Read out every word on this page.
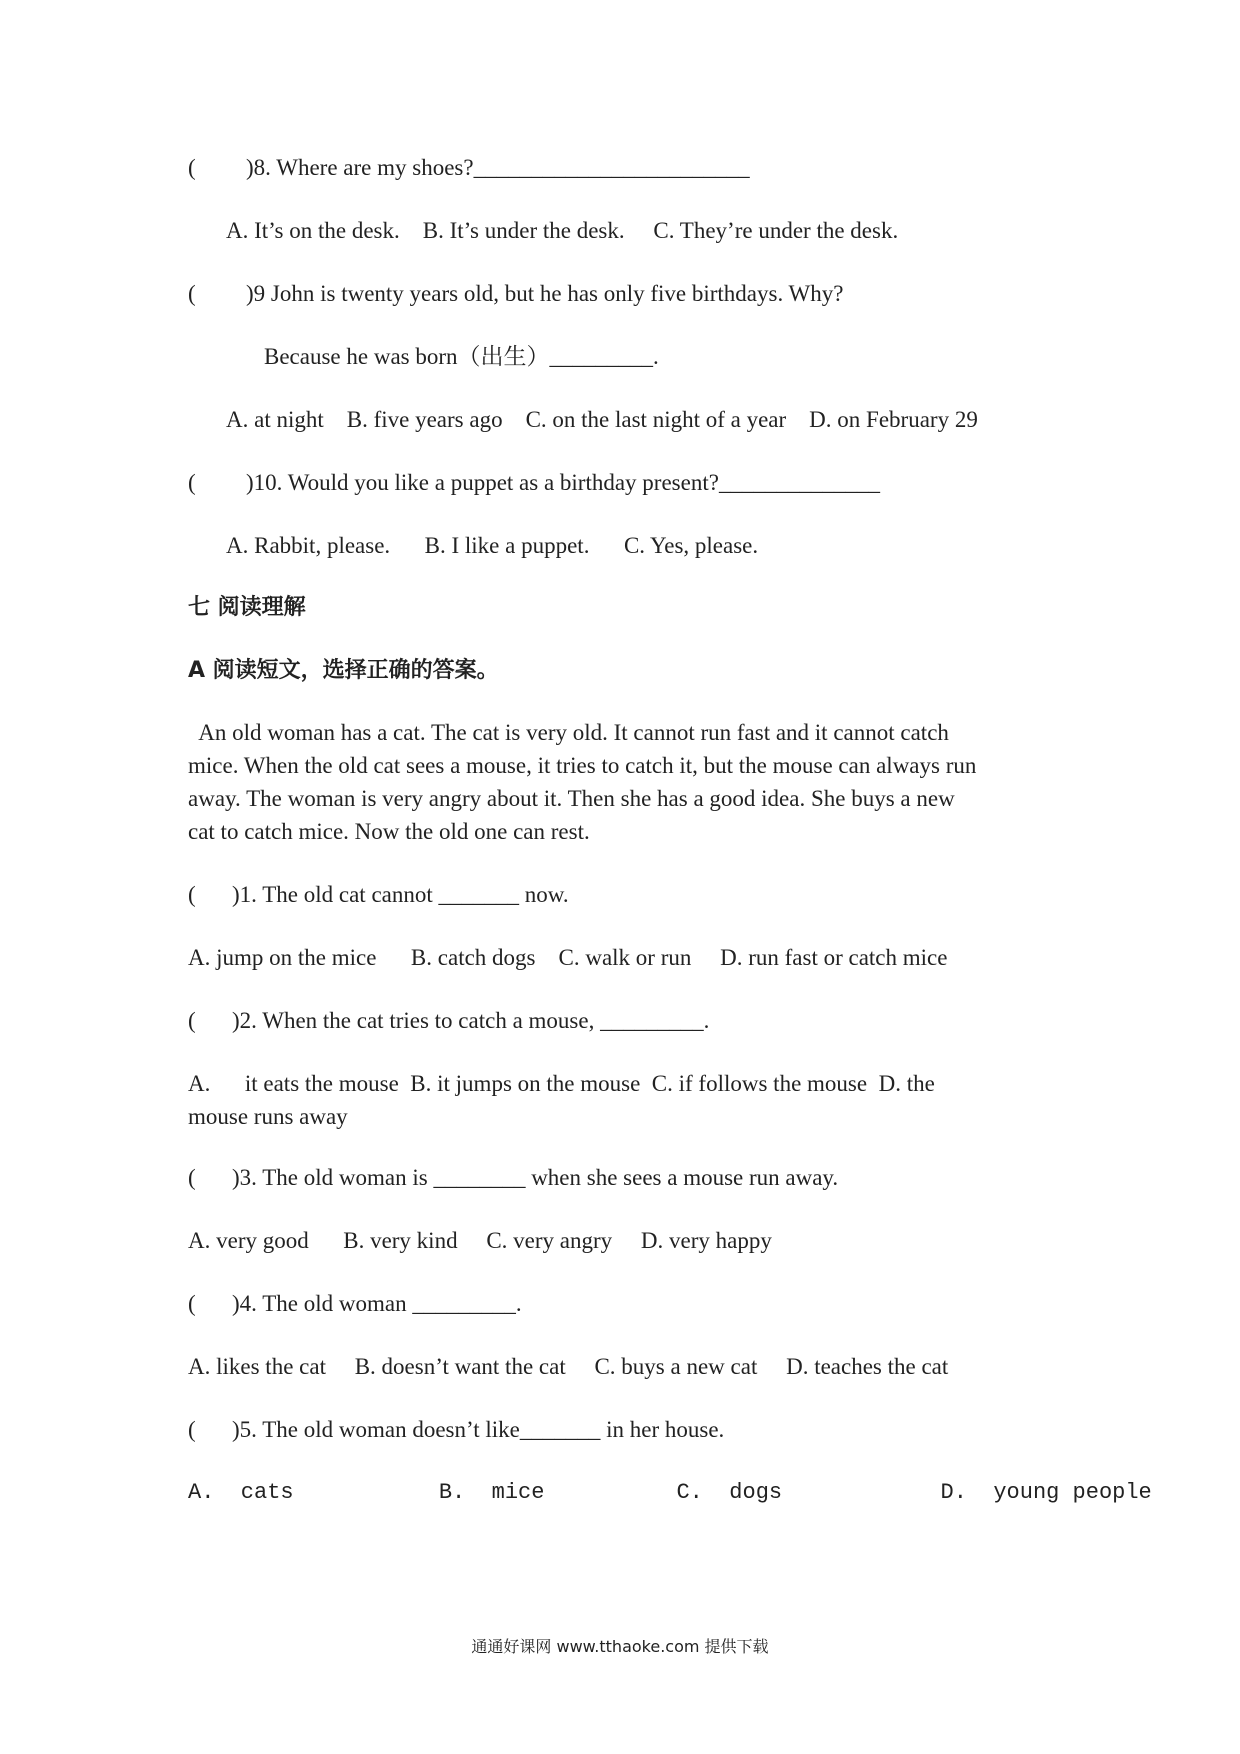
( )8. Where are my shoes?________________________
A. It’s on the desk.    B. It’s under the desk.     C. They’re under the desk.
( )9 John is twenty years old, but he has only five birthdays. Why?
Because he was born（出生）_________.
A. at night    B. five years ago    C. on the last night of a year    D. on February 29
( )10. Would you like a puppet as a birthday present?______________
A. Rabbit, please.      B. I like a puppet.      C. Yes, please.
七 阅读理解
A 阅读短文，选择正确的答案。
An old woman has a cat. The cat is very old. It cannot run fast and it cannot catch
mice. When the old cat sees a mouse, it tries to catch it, but the mouse can always run
away. The woman is very angry about it. Then she has a good idea. She buys a new
cat to catch mice. Now the old one can rest.
( )1. The old cat cannot _______ now.
A. jump on the mice      B. catch dogs    C. walk or run     D. run fast or catch mice
( )2. When the cat tries to catch a mouse, _________.
A.      it eats the mouse  B. it jumps on the mouse  C. if follows the mouse  D. the
mouse runs away
( )3. The old woman is ________ when she sees a mouse run away.
A. very good      B. very kind     C. very angry     D. very happy
( )4. The old woman _________.
A. likes the cat     B. doesn’t want the cat     C. buys a new cat     D. teaches the cat
( )5. The old woman doesn’t like_______ in her house.
A.  cats           B.  mice          C.  dogs            D.  young people
通通好课网 www.tthaoke.com 提供下载
